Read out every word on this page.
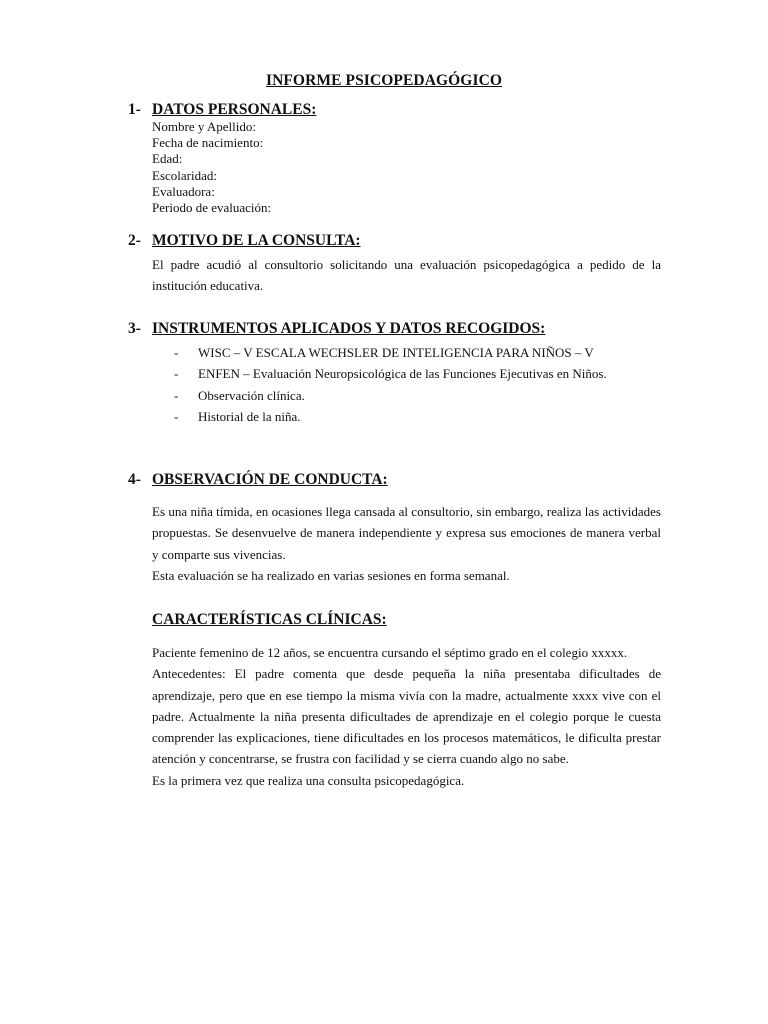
INFORME PSICOPEDAGÓGICO
1- DATOS PERSONALES:
Nombre y Apellido:
Fecha de nacimiento:
Edad:
Escolaridad:
Evaluadora:
Periodo de evaluación:
2- MOTIVO DE LA CONSULTA:

El padre acudió al consultorio solicitando una evaluación psicopedagógica a pedido de la institución educativa.

3- INSTRUMENTOS APLICADOS Y DATOS RECOGIDOS:
- WISC – V ESCALA WECHSLER DE INTELIGENCIA PARA NIÑOS – V
- ENFEN – Evaluación Neuropsicológica de las Funciones Ejecutivas en Niños.
- Observación clínica.
- Historial de la niña.
4- OBSERVACIÓN DE CONDUCTA:

Es una niña tímida, en ocasiones llega cansada al consultorio, sin embargo, realiza las actividades propuestas. Se desenvuelve de manera independiente y expresa sus emociones de manera verbal y comparte sus vivencias.

Esta evaluación se ha realizado en varias sesiones en forma semanal.

CARACTERÍSTICAS CLÍNICAS:

Paciente femenino de 12 años, se encuentra cursando el séptimo grado en el colegio xxxxx.

Antecedentes: El padre comenta que desde pequeña la niña presentaba dificultades de aprendizaje, pero que en ese tiempo la misma vivía con la madre, actualmente xxxx vive con el padre. Actualmente la niña presenta dificultades de aprendizaje en el colegio porque le cuesta comprender las explicaciones, tiene dificultades en los procesos matemáticos, le dificulta prestar atención y concentrarse, se frustra con facilidad y se cierra cuando algo no sabe.

Es la primera vez que realiza una consulta psicopedagógica.
